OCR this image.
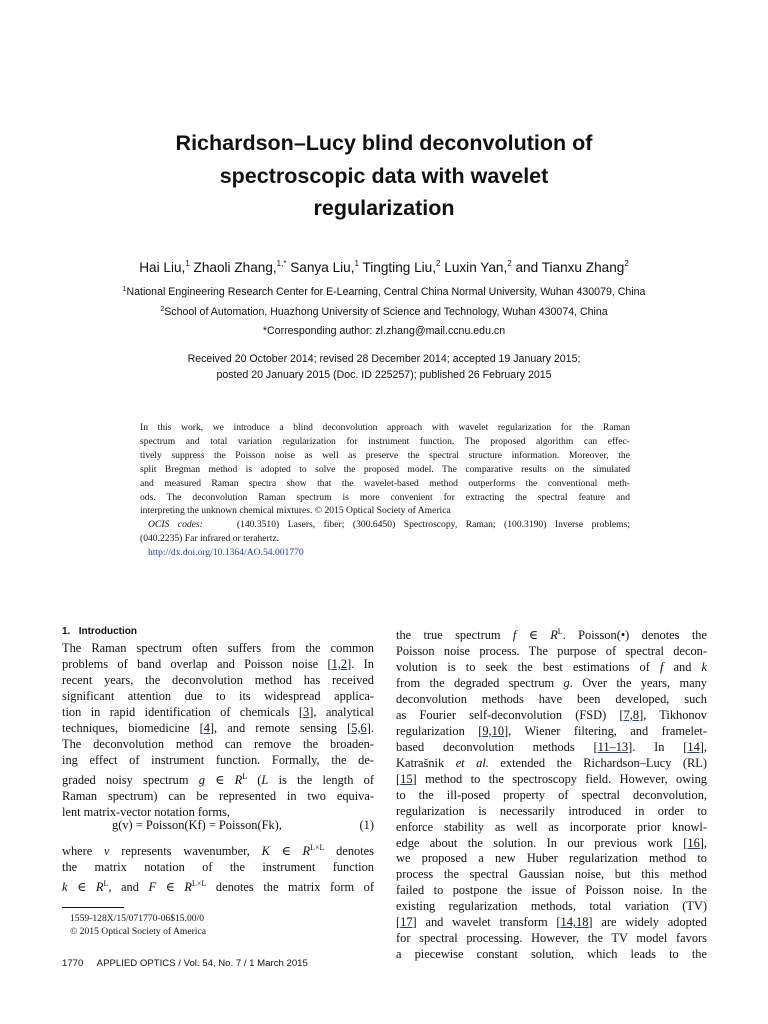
Richardson–Lucy blind deconvolution of
spectroscopic data with wavelet
regularization
Hai Liu,$^1$ Zhaoli Zhang,$^{1,*}$ Sanya Liu,$^1$ Tingting Liu,$^2$ Luxin Yan,$^2$ and Tianxu Zhang$^2$
$^1$National Engineering Research Center for E-Learning, Central China Normal University, Wuhan 430079, China
$^2$School of Automation, Huazhong University of Science and Technology, Wuhan 430074, China
*Corresponding author: zl.zhang@mail.ccnu.edu.cn
Received 20 October 2014; revised 28 December 2014; accepted 19 January 2015;
posted 20 January 2015 (Doc. ID 225257); published 26 February 2015
In this work, we introduce a blind deconvolution approach with wavelet regularization for the Raman
spectrum and total variation regularization for instrument function. The proposed algorithm can effec-
tively suppress the Poisson noise as well as preserve the spectral structure information. Moreover, the
split Bregman method is adopted to solve the proposed model. The comparative results on the simulated
and measured Raman spectra show that the wavelet-based method outperforms the conventional meth-
ods. The deconvolution Raman spectrum is more convenient for extracting the spectral feature and
interpreting the unknown chemical mixtures. © 2015 Optical Society of America
OCIS codes:	(140.3510) Lasers, fiber; (300.6450) Spectroscopy, Raman; (100.3190) Inverse problems;
(040.2235) Far infrared or terahertz.
http://dx.doi.org/10.1364/AO.54.001770
1. Introduction
The Raman spectrum often suffers from the common
problems of band overlap and Poisson noise [1,2]. In
recent years, the deconvolution method has received
significant attention due to its widespread applica-
tion in rapid identification of chemicals [3], analytical
techniques, biomedicine [4], and remote sensing [5,6].
The deconvolution method can remove the broaden-
ing effect of instrument function. Formally, the de-
graded noisy spectrum g ∈ $R^L$ (L is the length of
Raman spectrum) can be represented in two equiva-
lent matrix-vector notation forms,
g(v) = Poisson(Kf) = Poisson(Fk),	(1)
where v represents wavenumber, K ∈ $R^{L\times L}$ denotes
the matrix notation of the instrument function
k ∈ $R^L$, and F ∈ $R^{L\times L}$ denotes the matrix form of
the true spectrum f ∈ $R^L$. Poisson(•) denotes the
Poisson noise process. The purpose of spectral decon-
volution is to seek the best estimations of f and k
from the degraded spectrum g. Over the years, many
deconvolution methods have been developed, such
as Fourier self-deconvolution (FSD) [7,8], Tikhonov
regularization [9,10], Wiener filtering, and framelet-
based deconvolution methods [11–13]. In [14],
Katrašnik et al. extended the Richardson–Lucy (RL)
[15] method to the spectroscopy field. However, owing
to the ill-posed property of spectral deconvolution,
regularization is necessarily introduced in order to
enforce stability as well as incorporate prior knowl-
edge about the solution. In our previous work [16],
we proposed a new Huber regularization method to
process the spectral Gaussian noise, but this method
failed to postpone the issue of Poisson noise. In the
existing regularization methods, total variation (TV)
[17] and wavelet transform [14,18] are widely adopted
for spectral processing. However, the TV model favors
a piecewise constant solution, which leads to the
1559-128X/15/071770-06$15.00/0
© 2015 Optical Society of America
1770 APPLIED OPTICS / Vol. 54, No. 7 / 1 March 2015
